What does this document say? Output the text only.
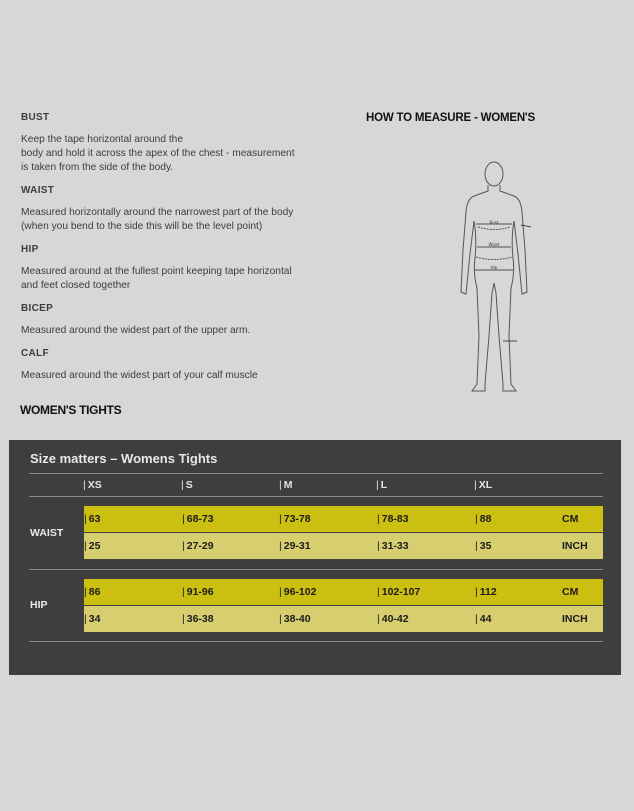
BUST

Keep the tape horizontal around the
body and hold it across the apex of the chest - measurement
is taken from the side of the body.

WAIST

Measured horizontally around the narrowest part of the body
(when you bend to the side this will be the level point)

HIP

Measured around at the fullest point keeping tape horizontal
and feet closed together

BICEP

Measured around the widest part of the upper arm.

CALF

Measured around the widest part of your calf muscle

HOW TO MEASURE - WOMEN'S
Bust
Waist
Hip
WOMEN'S TIGHTS
Size matters – Womens Tights
| XS	| S	| M	| L	| XL
WAIST
| 63	| 68-73	| 73-78	| 78-83	| 88	CM
| 25	| 27-29	| 29-31	| 31-33	| 35	INCH
HIP
| 86	| 91-96	| 96-102	| 102-107	| 112	CM
| 34	| 36-38	| 38-40	| 40-42	| 44	INCH
